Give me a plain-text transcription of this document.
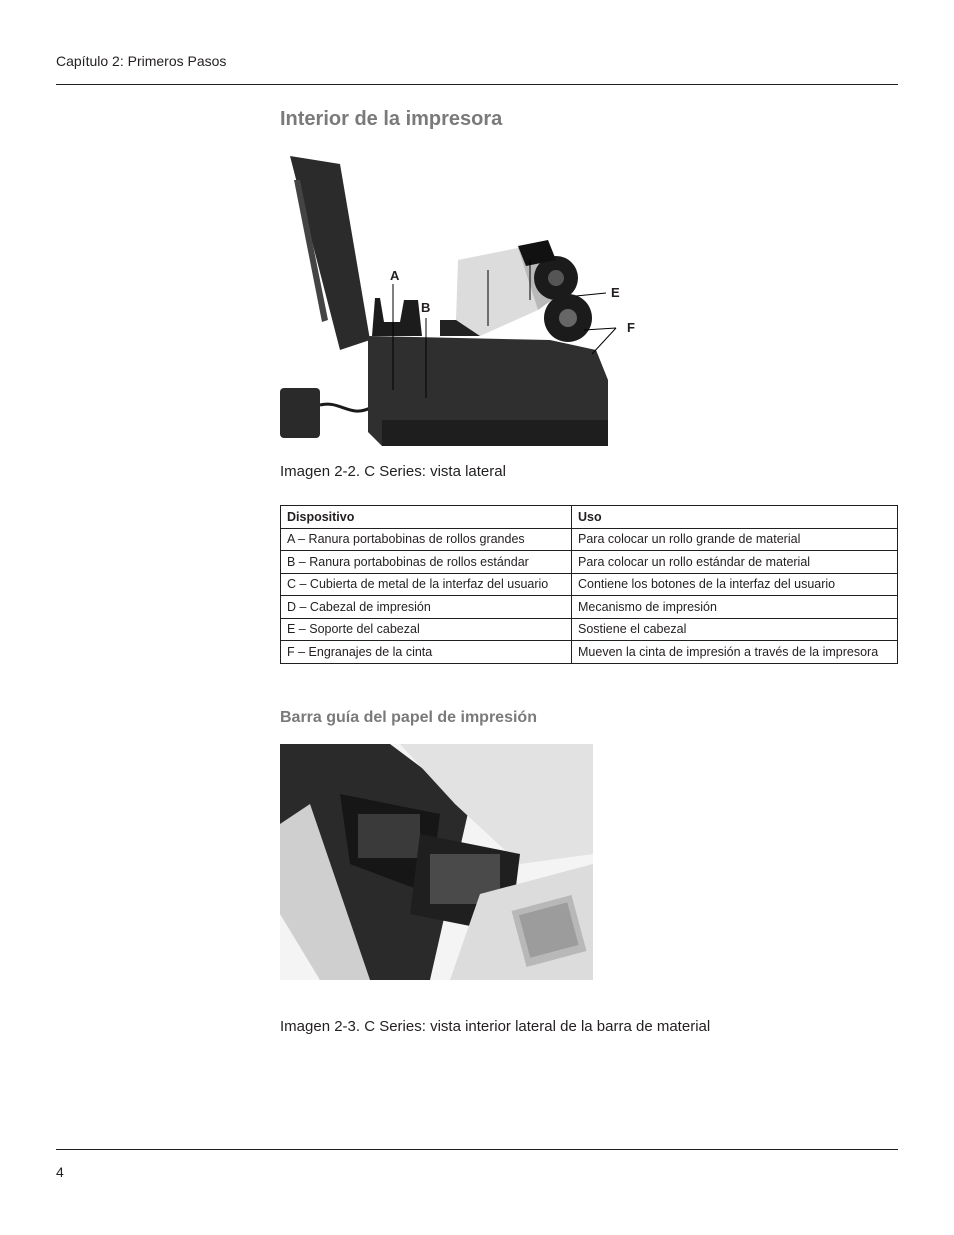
Capítulo 2: Primeros Pasos
Interior de la impresora
A
B
E
F
Imagen 2-2. C Series: vista lateral
Dispositivo	Uso
A – Ranura portabobinas de rollos grandes	Para colocar un rollo grande de material
B – Ranura portabobinas de rollos estándar	Para colocar un rollo estándar de material
C – Cubierta de metal de la interfaz del usuario	Contiene los botones de la interfaz del usuario
D – Cabezal de impresión	Mecanismo de impresión
E – Soporte del cabezal	Sostiene el cabezal
F – Engranajes de la cinta	Mueven la cinta de impresión a través de la impresora
Barra guía del papel de impresión
Imagen 2-3. C Series: vista interior lateral de la barra de material
4
